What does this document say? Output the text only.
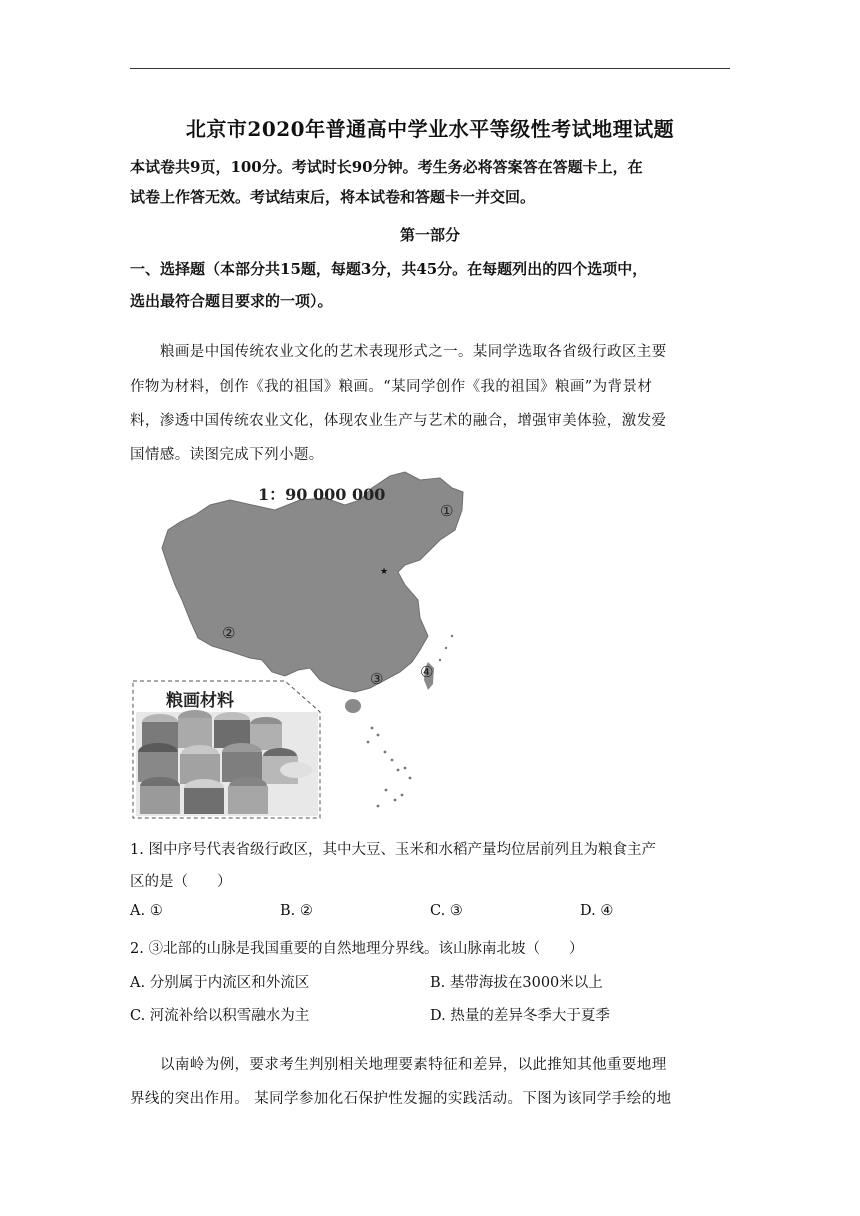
北京市2020年普通高中学业水平等级性考试地理试题
本试卷共9页，100分。考试时长90分钟。考生务必将答案答在答题卡上，在
试卷上作答无效。考试结束后，将本试卷和答题卡一并交回。
第一部分
一、选择题（本部分共15题，每题3分，共45分。在每题列出的四个选项中，
选出最符合题目要求的一项）。
粮画是中国传统农业文化的艺术表现形式之一。某同学选取各省级行政区主要
作物为材料，创作《我的祖国》粮画。“某同学创作《我的祖国》粮画”为背景材
料，渗透中国传统农业文化，体现农业生产与艺术的融合，增强审美体验，激发爱
国情感。读图完成下列小题。
★
①
②
③ ④
1：90 000 000
粮画材料
1. 图中序号代表省级行政区，其中大豆、玉米和水稻产量均位居前列且为粮食主产
区的是（　　）
A. ①	B. ②	C. ③	D. ④
2. ③北部的山脉是我国重要的自然地理分界线。该山脉南北坡（　　）
A. 分别属于内流区和外流区	B. 基带海拔在3000米以上
C. 河流补给以积雪融水为主	D. 热量的差异冬季大于夏季
以南岭为例，要求考生判别相关地理要素特征和差异，以此推知其他重要地理
界线的突出作用。 某同学参加化石保护性发掘的实践活动。下图为该同学手绘的地
